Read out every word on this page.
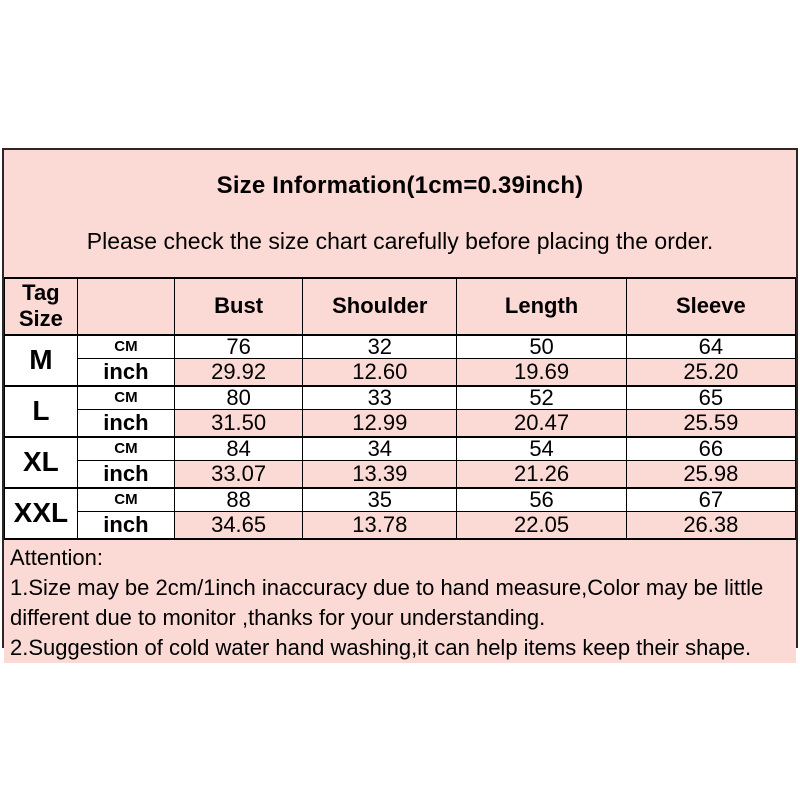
Size Information(1cm=0.39inch)
Please check the size chart carefully before placing the order.
Tag Size		Bust	Shoulder	Length	Sleeve
M	CM	76	32	50	64
	inch	29.92	12.60	19.69	25.20
L	CM	80	33	52	65
	inch	31.50	12.99	20.47	25.59
XL	CM	84	34	54	66
	inch	33.07	13.39	21.26	25.98
XXL	CM	88	35	56	67
	inch	34.65	13.78	22.05	26.38
Attention:
1.Size may be 2cm/1inch inaccuracy due to hand measure,Color may be little different due to monitor ,thanks for your understanding.
2.Suggestion of cold water hand washing,it can help items keep their shape.
